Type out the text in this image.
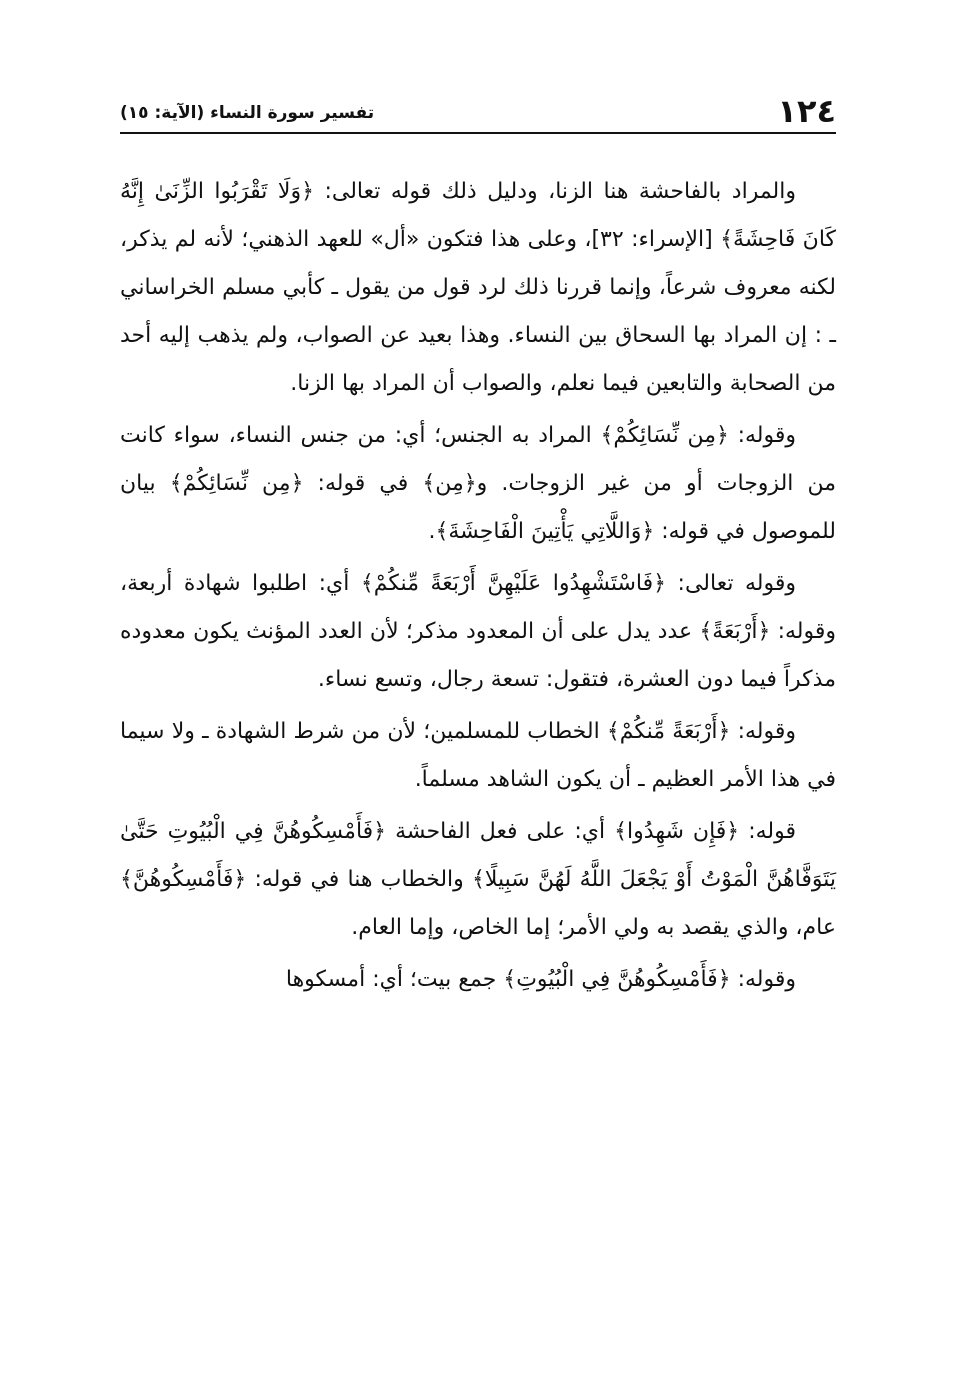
١٢٤
تفسير سورة النساء (الآية: ١٥)

والمراد بالفاحشة هنا الزنا، ودليل ذلك قوله تعالى: ﴿وَلَا تَقْرَبُوا الزِّنَىٰ إِنَّهُ كَانَ فَاحِشَةً﴾ [الإسراء: ٣٢]، وعلى هذا فتكون «أل» للعهد الذهني؛ لأنه لم يذكر، لكنه معروف شرعاً، وإنما قررنا ذلك لرد قول من يقول ـ كأبي مسلم الخراساني ـ : إن المراد بها السحاق بين النساء. وهذا بعيد عن الصواب، ولم يذهب إليه أحد من الصحابة والتابعين فيما نعلم، والصواب أن المراد بها الزنا.

وقوله: ﴿مِن نِّسَائِكُمْ﴾ المراد به الجنس؛ أي: من جنس النساء، سواء كانت من الزوجات أو من غير الزوجات. و﴿مِن﴾ في قوله: ﴿مِن نِّسَائِكُمْ﴾ بيان للموصول في قوله: ﴿وَاللَّاتِي يَأْتِينَ الْفَاحِشَةَ﴾.

وقوله تعالى: ﴿فَاسْتَشْهِدُوا عَلَيْهِنَّ أَرْبَعَةً مِّنكُمْ﴾ أي: اطلبوا شهادة أربعة، وقوله: ﴿أَرْبَعَةً﴾ عدد يدل على أن المعدود مذكر؛ لأن العدد المؤنث يكون معدوده مذكراً فيما دون العشرة، فتقول: تسعة رجال، وتسع نساء.

وقوله: ﴿أَرْبَعَةً مِّنكُمْ﴾ الخطاب للمسلمين؛ لأن من شرط الشهادة ـ ولا سيما في هذا الأمر العظيم ـ أن يكون الشاهد مسلماً.

قوله: ﴿فَإِن شَهِدُوا﴾ أي: على فعل الفاحشة ﴿فَأَمْسِكُوهُنَّ فِي الْبُيُوتِ حَتَّىٰ يَتَوَفَّاهُنَّ الْمَوْتُ أَوْ يَجْعَلَ اللَّهُ لَهُنَّ سَبِيلًا﴾ والخطاب هنا في قوله: ﴿فَأَمْسِكُوهُنَّ﴾ عام، والذي يقصد به ولي الأمر؛ إما الخاص، وإما العام.

وقوله: ﴿فَأَمْسِكُوهُنَّ فِي الْبُيُوتِ﴾ جمع بيت؛ أي: أمسكوها
